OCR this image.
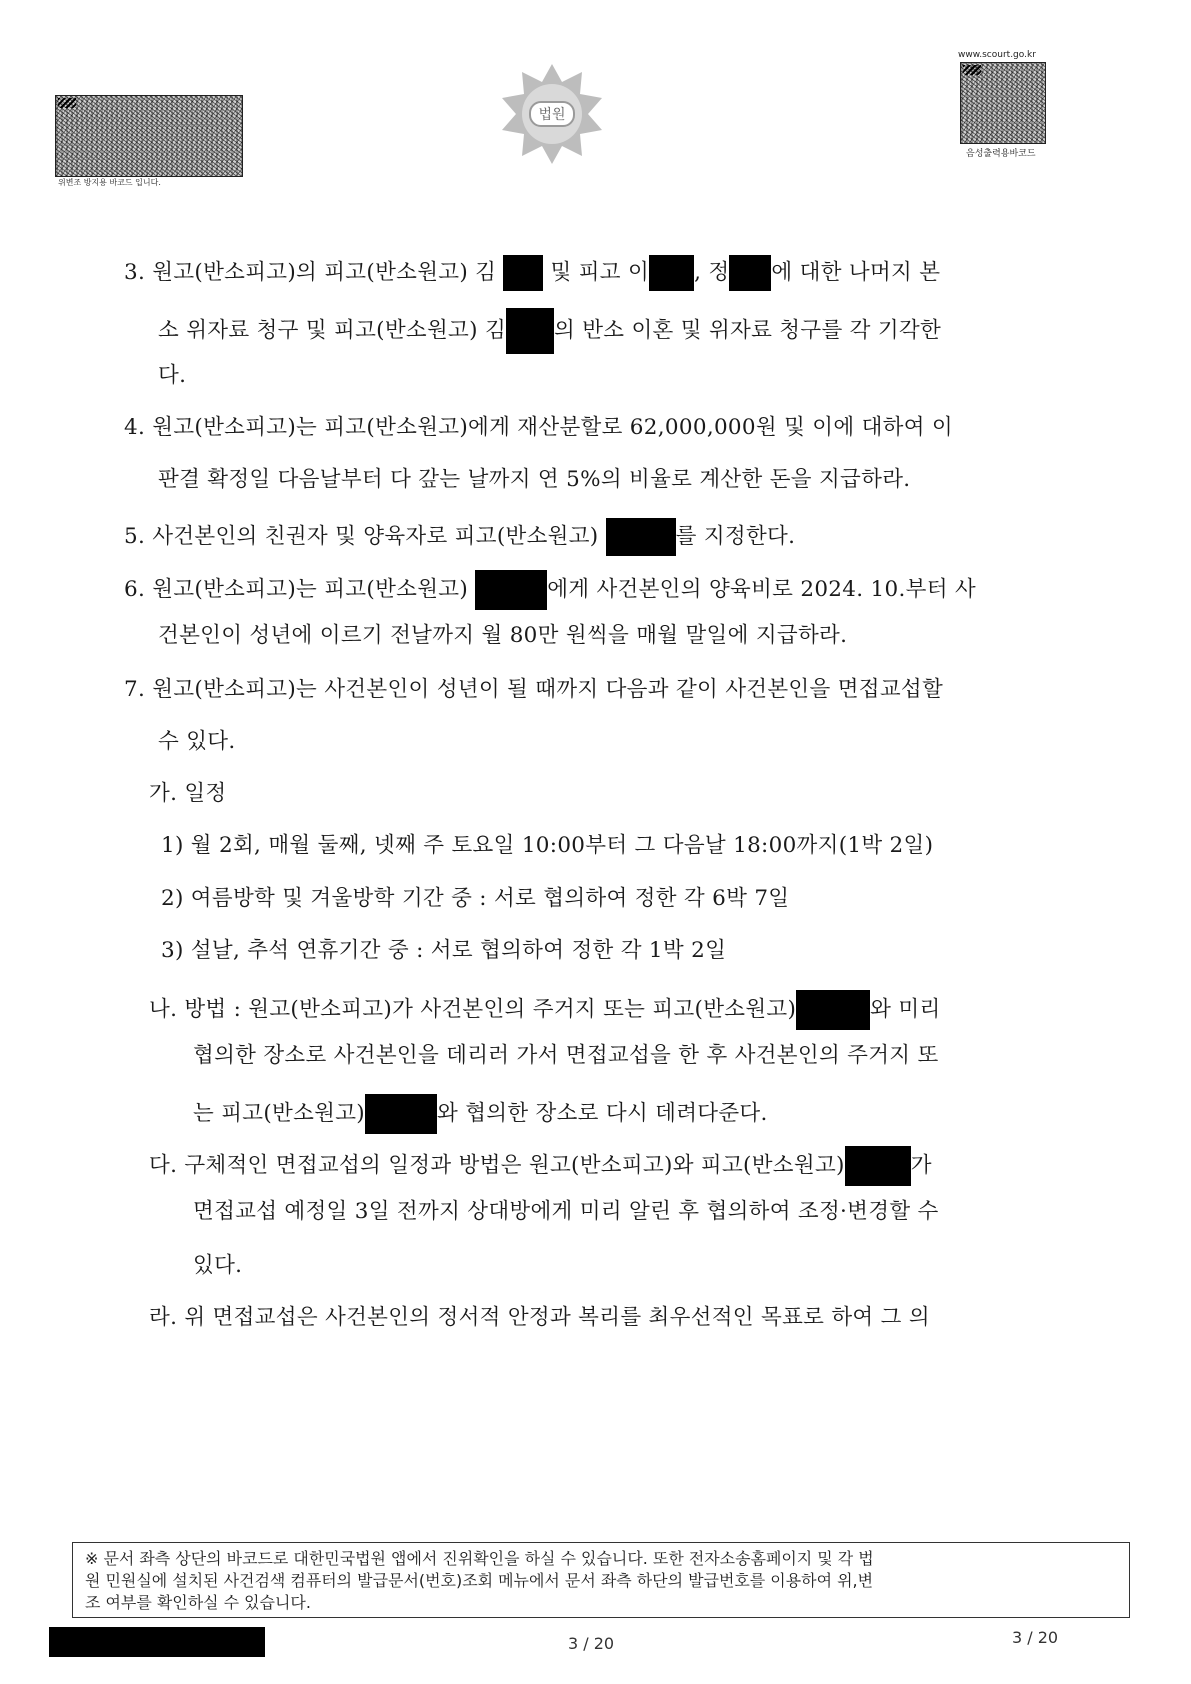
위변조 방지용 바코드 입니다.
법원
www.scourt.go.kr
음성출력용바코드
3. 원고(반소피고)의 피고(반소원고) 김	및 피고 이 , 정 에 대한 나머지 본
소 위자료 청구 및 피고(반소원고) 김 의 반소 이혼 및 위자료 청구를 각 기각한
다.
4. 원고(반소피고)는 피고(반소원고)에게 재산분할로 62,000,000원 및 이에 대하여 이
판결 확정일 다음날부터 다 갚는 날까지 연 5%의 비율로 계산한 돈을 지급하라.
5. 사건본인의 친권자 및 양육자로 피고(반소원고)	를 지정한다.
6. 원고(반소피고)는 피고(반소원고)	에게 사건본인의 양육비로 2024. 10.부터 사
건본인이 성년에 이르기 전날까지 월 80만 원씩을 매월 말일에 지급하라.
7. 원고(반소피고)는 사건본인이 성년이 될 때까지 다음과 같이 사건본인을 면접교섭할
수 있다.
가. 일정
1) 월 2회, 매월 둘째, 넷째 주 토요일 10:00부터 그 다음날 18:00까지(1박 2일)
2) 여름방학 및 겨울방학 기간 중 : 서로 협의하여 정한 각 6박 7일
3) 설날, 추석 연휴기간 중 : 서로 협의하여 정한 각 1박 2일
나. 방법 : 원고(반소피고)가 사건본인의 주거지 또는 피고(반소원고)	와 미리
협의한 장소로 사건본인을 데리러 가서 면접교섭을 한 후 사건본인의 주거지 또
는 피고(반소원고)	와 협의한 장소로 다시 데려다준다.
다. 구체적인 면접교섭의 일정과 방법은 원고(반소피고)와 피고(반소원고)	가
면접교섭 예정일 3일 전까지 상대방에게 미리 알린 후 협의하여 조정·변경할 수
있다.
라. 위 면접교섭은 사건본인의 정서적 안정과 복리를 최우선적인 목표로 하여 그 의
※ 문서 좌측 상단의 바코드로 대한민국법원 앱에서 진위확인을 하실 수 있습니다. 또한 전자소송홈페이지 및 각 법
원 민원실에 설치된 사건검색 컴퓨터의 발급문서(번호)조회 메뉴에서 문서 좌측 하단의 발급번호를 이용하여 위,변
조 여부를 확인하실 수 있습니다.
3 / 20	3 / 20
